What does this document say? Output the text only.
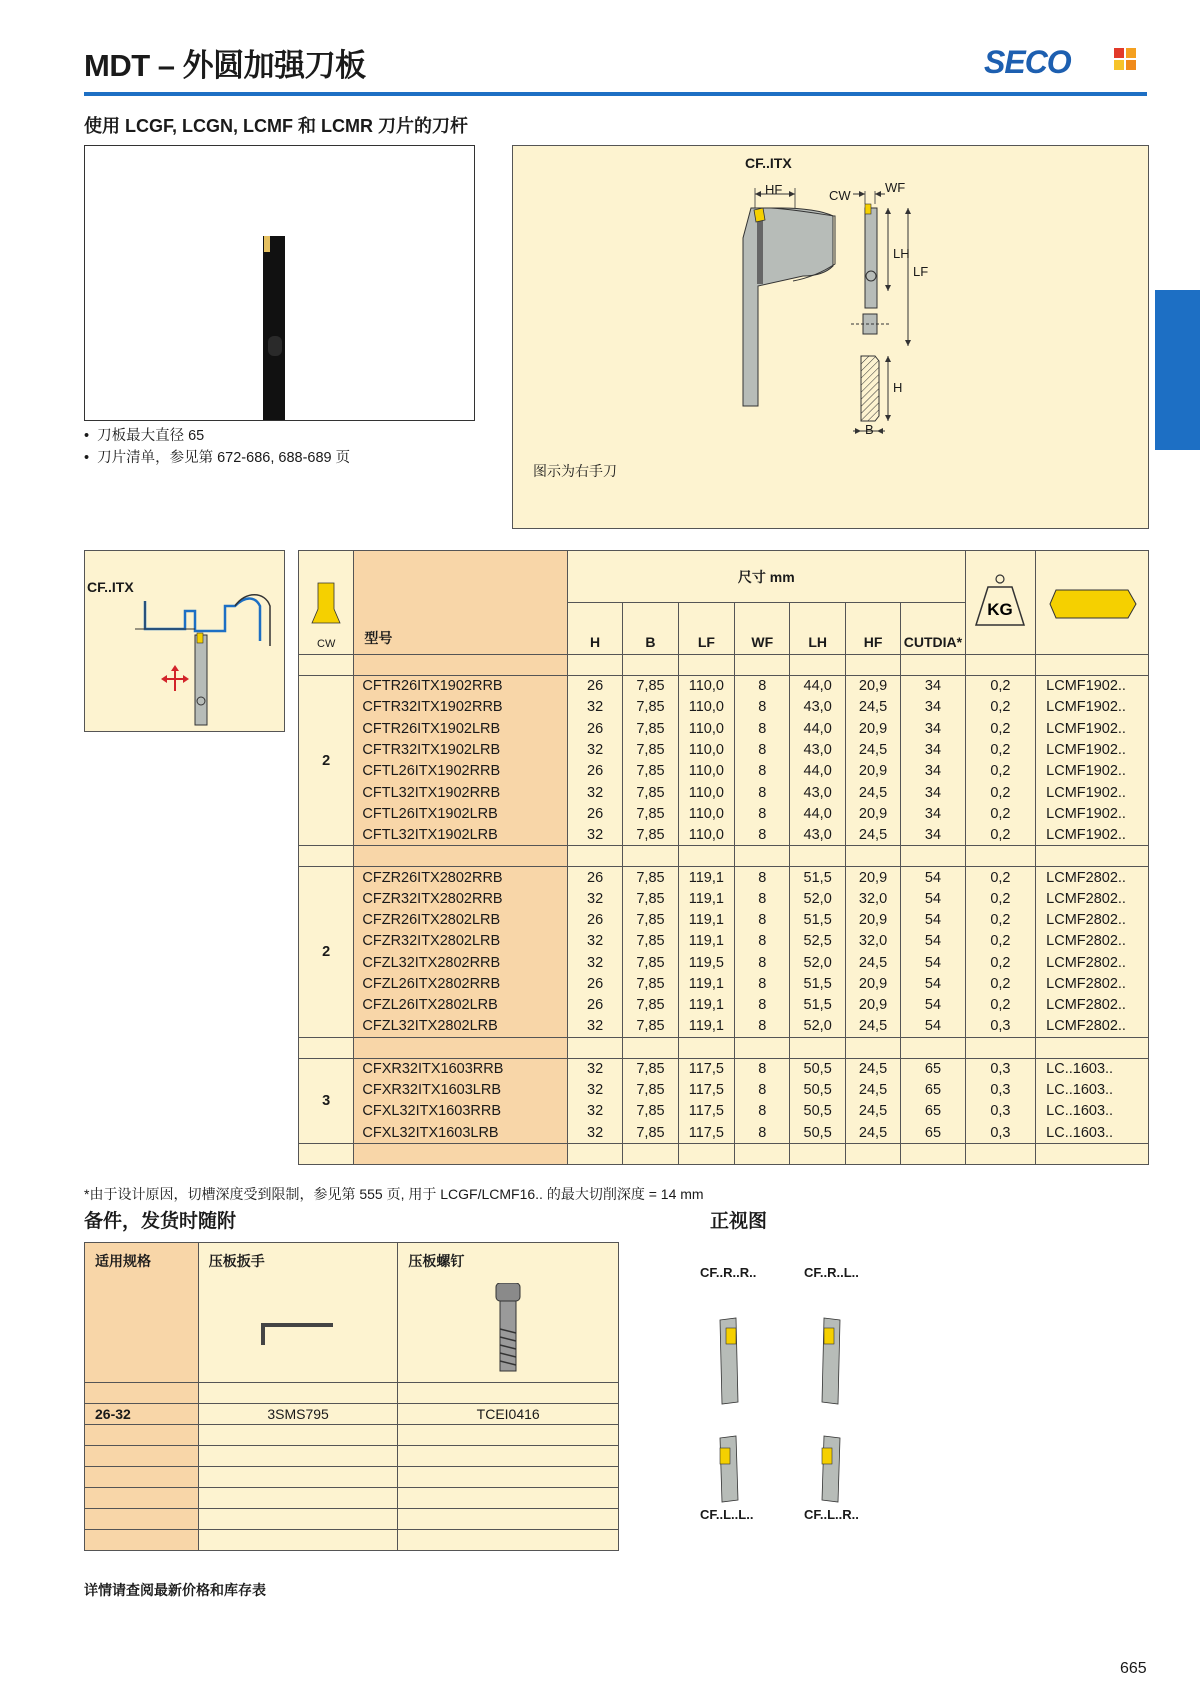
MDT – 外圆加强刀板	SECO
使用 LCGF, LCGN, LCMF 和 LCMR 刀片的刀杆
• 刀板最大直径 65
• 刀片清单，参见第 672-686, 688-689 页
CF..ITX
HF	CW
WF
LH
LF
H
B
图示为右手刀
CF..ITX
CW	型号	尺寸 mm							KG

		H	B	LF	WF	LH	HF	CUTDIA*		

2	CFTR26ITX1902RRB	26	7,85	110,0	8	44,0	20,9	34	0,2	LCMF1902..
	CFTR32ITX1902RRB	32	7,85	110,0	8	43,0	24,5	34	0,2	LCMF1902..
	CFTR26ITX1902LRB	26	7,85	110,0	8	44,0	20,9	34	0,2	LCMF1902..
	CFTR32ITX1902LRB	32	7,85	110,0	8	43,0	24,5	34	0,2	LCMF1902..
	CFTL26ITX1902RRB	26	7,85	110,0	8	44,0	20,9	34	0,2	LCMF1902..
	CFTL32ITX1902RRB	32	7,85	110,0	8	43,0	24,5	34	0,2	LCMF1902..
	CFTL26ITX1902LRB	26	7,85	110,0	8	44,0	20,9	34	0,2	LCMF1902..
	CFTL32ITX1902LRB	32	7,85	110,0	8	43,0	24,5	34	0,2	LCMF1902..

2	CFZR26ITX2802RRB	26	7,85	119,1	8	51,5	20,9	54	0,2	LCMF2802..
	CFZR32ITX2802RRB	32	7,85	119,1	8	52,0	32,0	54	0,2	LCMF2802..
	CFZR26ITX2802LRB	26	7,85	119,1	8	51,5	20,9	54	0,2	LCMF2802..
	CFZR32ITX2802LRB	32	7,85	119,1	8	52,5	32,0	54	0,2	LCMF2802..
	CFZL32ITX2802RRB	32	7,85	119,5	8	52,0	24,5	54	0,2	LCMF2802..
	CFZL26ITX2802RRB	26	7,85	119,1	8	51,5	20,9	54	0,2	LCMF2802..
	CFZL26ITX2802LRB	26	7,85	119,1	8	51,5	20,9	54	0,2	LCMF2802..
	CFZL32ITX2802LRB	32	7,85	119,1	8	52,0	24,5	54	0,3	LCMF2802..

3	CFXR32ITX1603RRB	32	7,85	117,5	8	50,5	24,5	65	0,3	LC..1603..
	CFXR32ITX1603LRB	32	7,85	117,5	8	50,5	24,5	65	0,3	LC..1603..
	CFXL32ITX1603RRB	32	7,85	117,5	8	50,5	24,5	65	0,3	LC..1603..
	CFXL32ITX1603LRB	32	7,85	117,5	8	50,5	24,5	65	0,3	LC..1603..

*由于设计原因，切槽深度受到限制，参见第 555 页, 用于 LCGF/LCMF16.. 的最大切削深度 = 14 mm
备件，发货时随附	正视图
适用规格	压板扳手	压板螺钉

26-32	3SMS795	TCEI0416

CF..R..R..	CF..R..L..
CF..L..L..	CF..L..R..
详情请查阅最新价格和库存表
665
